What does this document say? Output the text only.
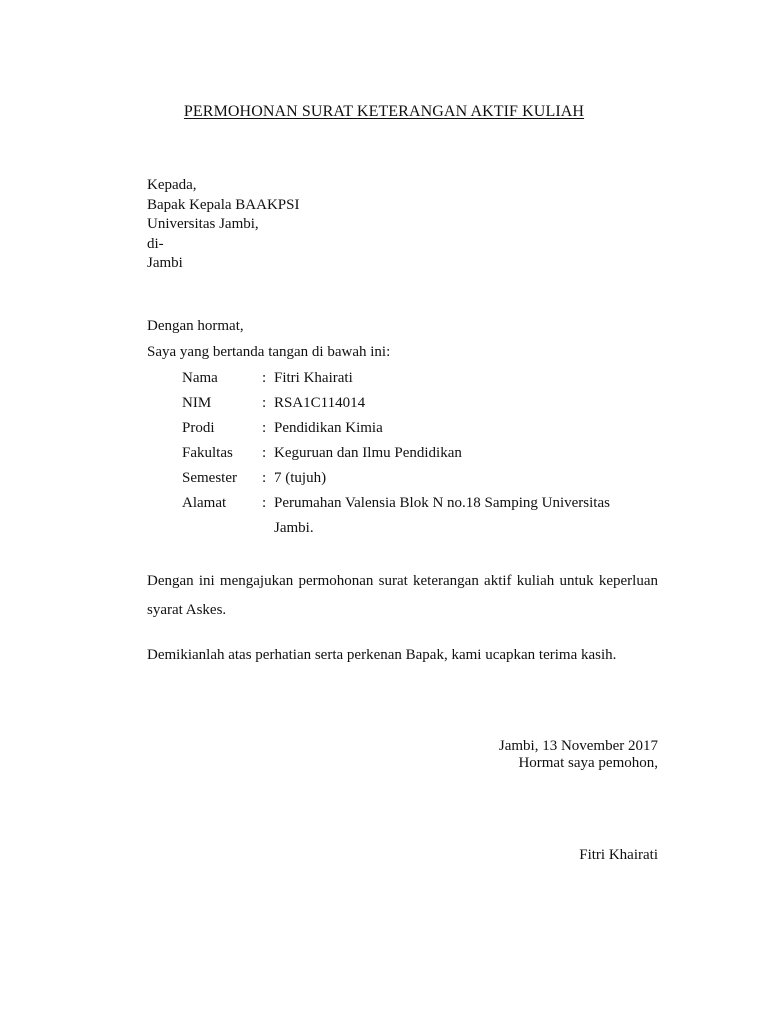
PERMOHONAN SURAT KETERANGAN AKTIF KULIAH
Kepada,
Bapak Kepala BAAKPSI
Universitas Jambi,
di-
Jambi
Dengan hormat,
Saya yang bertanda tangan di bawah ini:
Nama	: Fitri Khairati
NIM	: RSA1C114014
Prodi	: Pendidikan Kimia
Fakultas	: Keguruan dan Ilmu Pendidikan
Semester	: 7 (tujuh)
Alamat	: Perumahan Valensia Blok N no.18 Samping Universitas Jambi.
Dengan ini mengajukan permohonan surat keterangan aktif kuliah untuk keperluan syarat Askes.
Demikianlah atas perhatian serta perkenan Bapak, kami ucapkan terima kasih.
Jambi, 13 November 2017
Hormat saya pemohon,
Fitri Khairati
